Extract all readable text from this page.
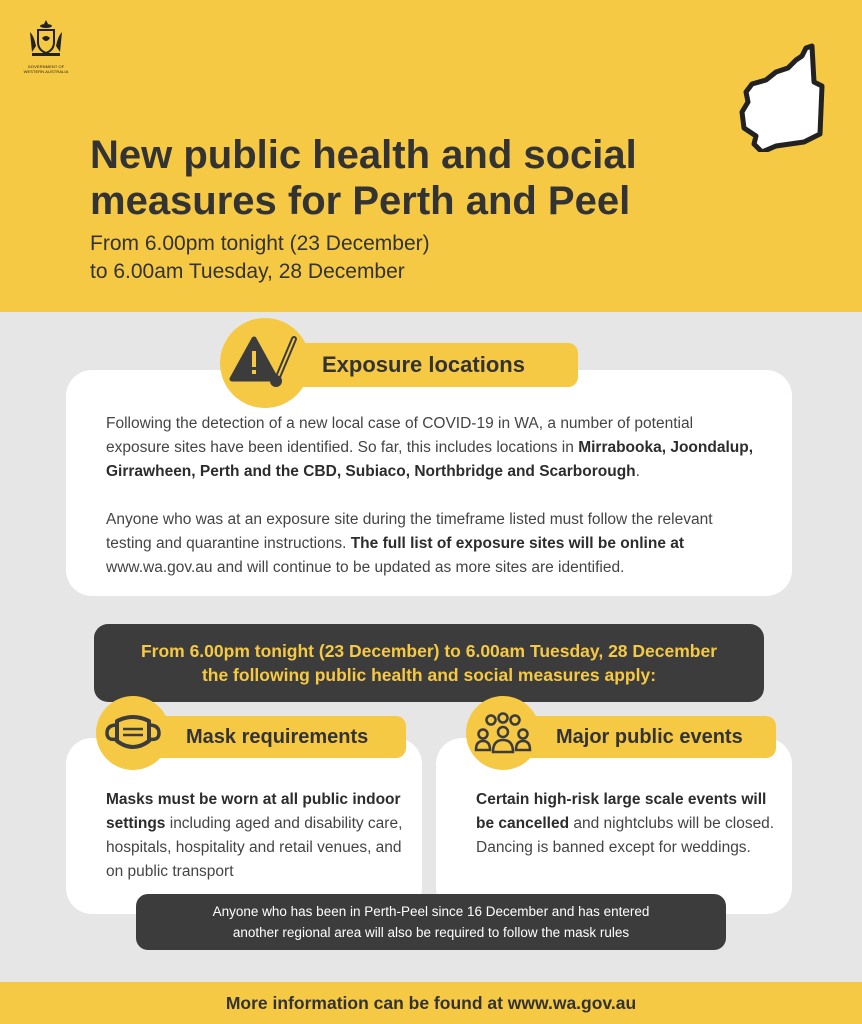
GOVERNMENT OF WESTERN AUSTRALIA
New public health and social measures for Perth and Peel

From 6.00pm tonight (23 December)
to 6.00am Tuesday, 28 December

Exposure locations

Following the detection of a new local case of COVID-19 in WA, a number of potential exposure sites have been identified. So far, this includes locations in Mirrabooka, Joondalup, Girrawheen, Perth and the CBD, Subiaco, Northbridge and Scarborough.

Anyone who was at an exposure site during the timeframe listed must follow the relevant testing and quarantine instructions. The full list of exposure sites will be online at www.wa.gov.au and will continue to be updated as more sites are identified.

From 6.00pm tonight (23 December) to 6.00am Tuesday, 28 December
the following public health and social measures apply:
Mask requirements

Masks must be worn at all public indoor settings including aged and disability care, hospitals, hospitality and retail venues, and on public transport

Major public events

Certain high-risk large scale events will be cancelled and nightclubs will be closed. Dancing is banned except for weddings.

Anyone who has been in Perth-Peel since 16 December and has entered
another regional area will also be required to follow the mask rules
More information can be found at www.wa.gov.au
